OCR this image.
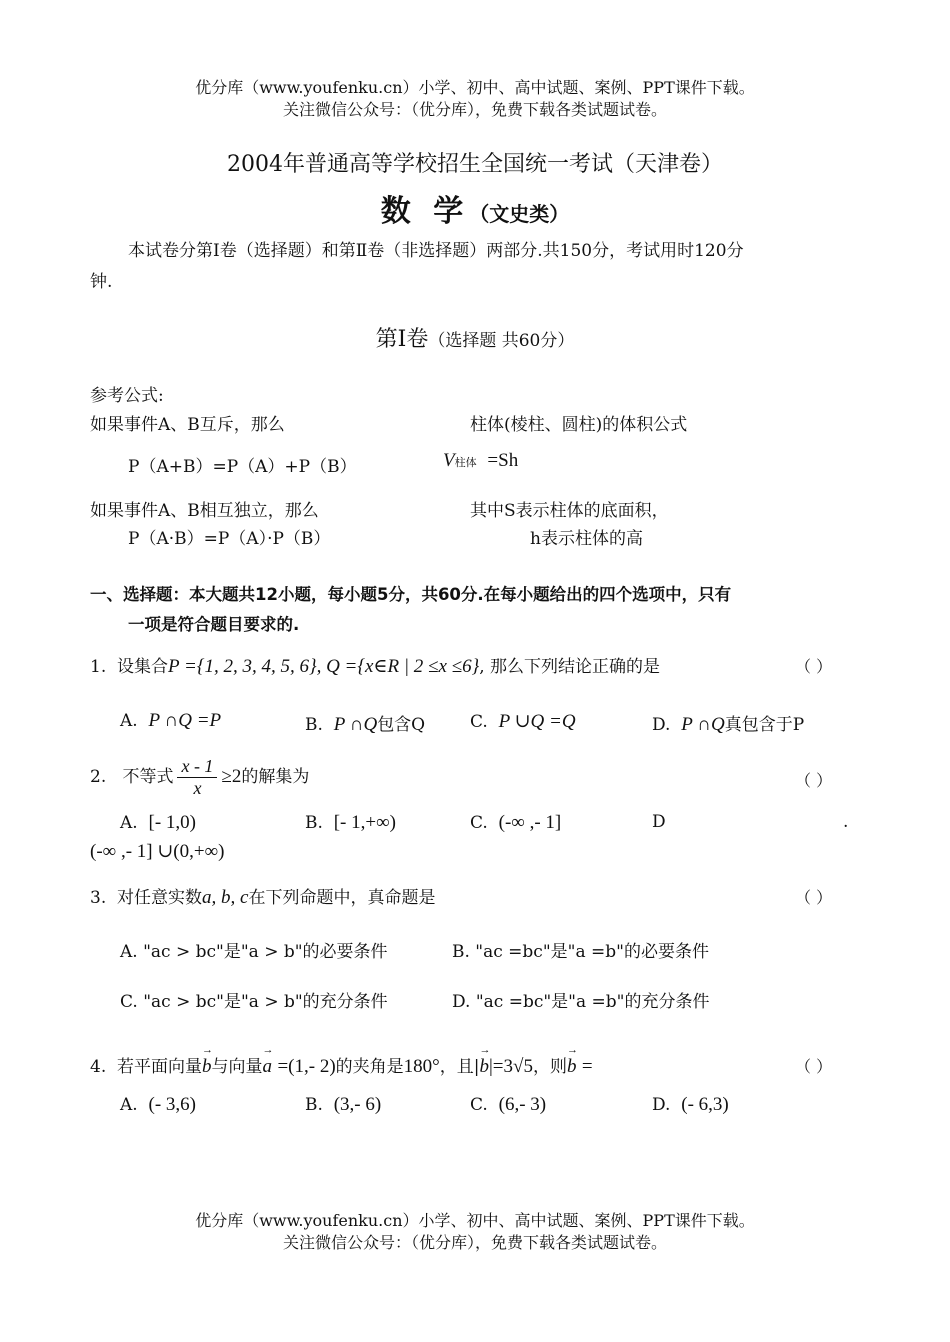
优分库（www.youfenku.cn）小学、初中、高中试题、案例、PPT课件下载。
关注微信公众号：（优分库），免费下载各类试题试卷。
2004年普通高等学校招生全国统一考试（天津卷）
数 学（文史类）
本试卷分第Ⅰ卷（选择题）和第Ⅱ卷（非选择题）两部分.共150分，考试用时120分
钟.
第Ⅰ卷（选择题 共60分）
参考公式:
如果事件A、B互斥，那么	柱体(棱柱、圆柱)的体积公式
P（A+B）=P（A）+P（B）	V柱体 =Sh
如果事件A、B相互独立，那么	其中S表示柱体的底面积，
P（A·B）=P（A）·P（B）	h表示柱体的高
一、选择题：本大题共12小题，每小题5分，共60分.在每小题给出的四个选项中，只有
一项是符合题目要求的.
1. 设集合P ={1, 2, 3, 4, 5, 6}, Q ={x∈R | 2 ≤x ≤6}, 那么下列结论正确的是	（ ）
A. P ∩Q =P	B. P ∩Q包含Q	C. P ∪Q =Q	D. P ∩Q真包含于P
2. 不等式 $\frac{x - 1}{x} \ge 2$的解集为	（ ）
A. [- 1,0)	B. [- 1,+∞)	C. (-∞ ,- 1]	D	.
(-∞ ,- 1] ∪(0,+∞)
3. 对任意实数a, b, c在下列命题中，真命题是	（ ）
A. "ac > bc"是"a > b"的必要条件	B. "ac =bc"是"a =b"的必要条件
C. "ac > bc"是"a > b"的充分条件	D. "ac =bc"是"a =b"的充分条件
4. 若平面向量→ b与向量→ a =(1,- 2)的夹角是180°，且|→ b|=3√5，则→ b =	（ ）
A. (- 3,6)	B. (3,- 6)	C. (6,- 3)	D. (- 6,3)
优分库（www.youfenku.cn）小学、初中、高中试题、案例、PPT课件下载。
关注微信公众号：（优分库），免费下载各类试题试卷。
